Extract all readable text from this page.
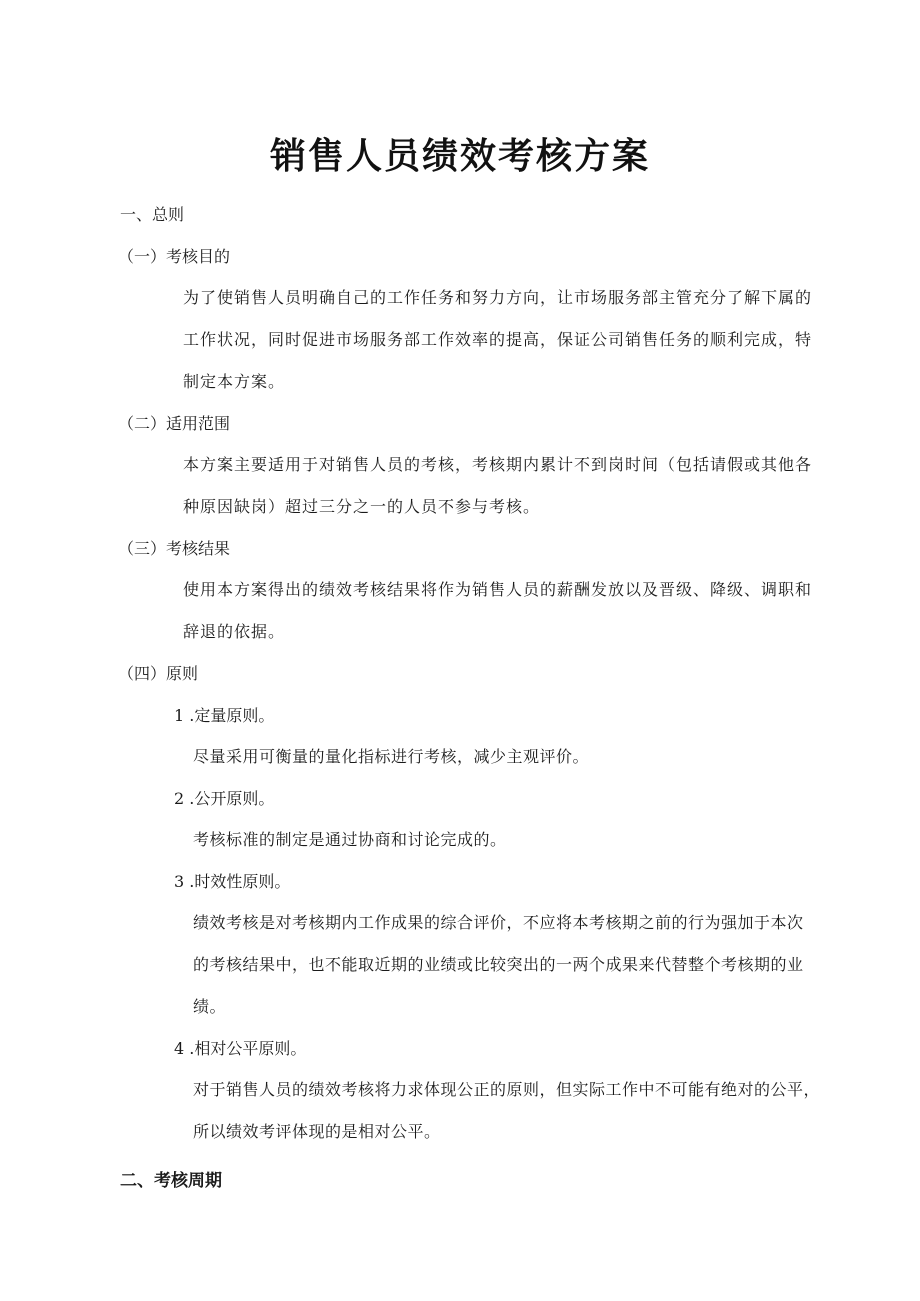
销售人员绩效考核方案
一、总则
（一）考核目的
为了使销售人员明确自己的工作任务和努力方向，让市场服务部主管充分了解下属的
工作状况，同时促进市场服务部工作效率的提高，保证公司销售任务的顺利完成，特
制定本方案。
（二）适用范围
本方案主要适用于对销售人员的考核，考核期内累计不到岗时间（包括请假或其他各
种原因缺岗）超过三分之一的人员不参与考核。
（三）考核结果
使用本方案得出的绩效考核结果将作为销售人员的薪酬发放以及晋级、降级、调职和
辞退的依据。
（四）原则
1 .定量原则。
尽量采用可衡量的量化指标进行考核，减少主观评价。
2 .公开原则。
考核标准的制定是通过协商和讨论完成的。
3 .时效性原则。
绩效考核是对考核期内工作成果的综合评价，不应将本考核期之前的行为强加于本次
的考核结果中，也不能取近期的业绩或比较突出的一两个成果来代替整个考核期的业
绩。
4 .相对公平原则。
对于销售人员的绩效考核将力求体现公正的原则，但实际工作中不可能有绝对的公平，
所以绩效考评体现的是相对公平。
二、考核周期
